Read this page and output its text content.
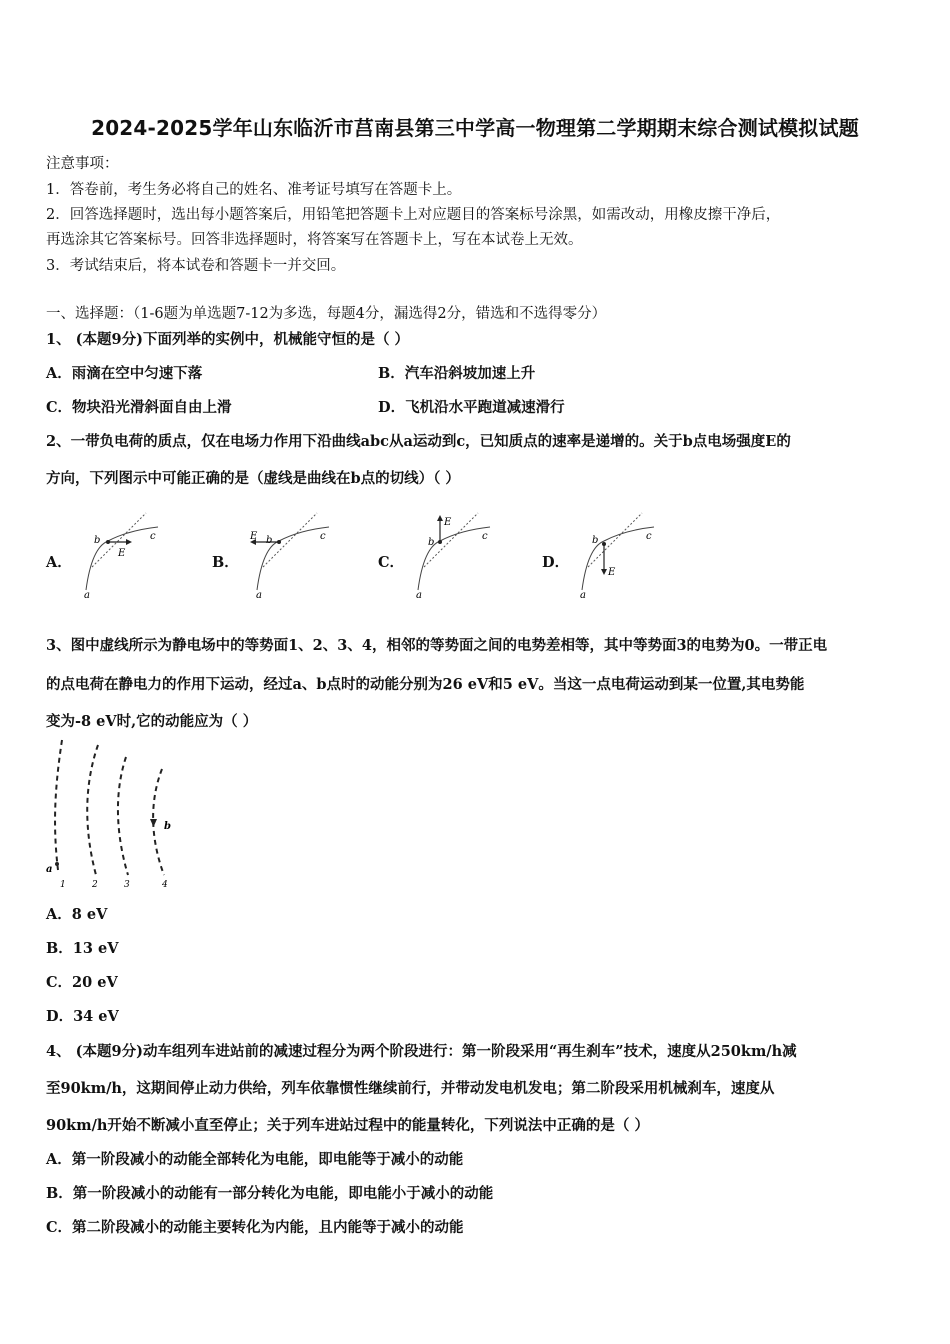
2024-2025学年山东临沂市莒南县第三中学高一物理第二学期期末综合测试模拟试题
注意事项：
1．答卷前，考生务必将自己的姓名、准考证号填写在答题卡上。
2．回答选择题时，选出每小题答案后，用铅笔把答题卡上对应题目的答案标号涂黑，如需改动，用橡皮擦干净后，
再选涂其它答案标号。回答非选择题时，将答案写在答题卡上，写在本试卷上无效。
3．考试结束后，将本试卷和答题卡一并交回。
一、选择题：（1-6题为单选题7-12为多选，每题4分，漏选得2分，错选和不选得零分）
1、 (本题9分)下面列举的实例中，机械能守恒的是（ ）
A．雨滴在空中匀速下落	B．汽车沿斜坡加速上升
C．物块沿光滑斜面自由上滑	D．飞机沿水平跑道减速滑行
2、一带负电荷的质点，仅在电场力作用下沿曲线abc从a运动到c，已知质点的速率是递增的。关于b点电场强度E的
方向，下列图示中可能正确的是（虚线是曲线在b点的切线）（ ）
A．	B．	C．	D．
b	c
E
a
b
E	c
a
E
b
c
a
b
E
c
a
3、图中虚线所示为静电场中的等势面1、2、3、4，相邻的等势面之间的电势差相等，其中等势面3的电势为0。一带正电
的点电荷在静电力的作用下运动，经过a、b点时的动能分别为26 eV和5 eV。当这一点电荷运动到某一位置,其电势能
变为-8 eV时,它的动能应为（ ）
a
b
1	2	3	4
A．8 eV
B．13 eV
C．20 eV
D．34 eV
4、 (本题9分)动车组列车进站前的减速过程分为两个阶段进行：第一阶段采用“再生刹车”技术，速度从250km/h减
至90km/h，这期间停止动力供给，列车依靠惯性继续前行，并带动发电机发电；第二阶段采用机械刹车，速度从
90km/h开始不断减小直至停止；关于列车进站过程中的能量转化，下列说法中正确的是（ ）
A．第一阶段减小的动能全部转化为电能，即电能等于减小的动能
B．第一阶段减小的动能有一部分转化为电能，即电能小于减小的动能
C．第二阶段减小的动能主要转化为内能，且内能等于减小的动能
